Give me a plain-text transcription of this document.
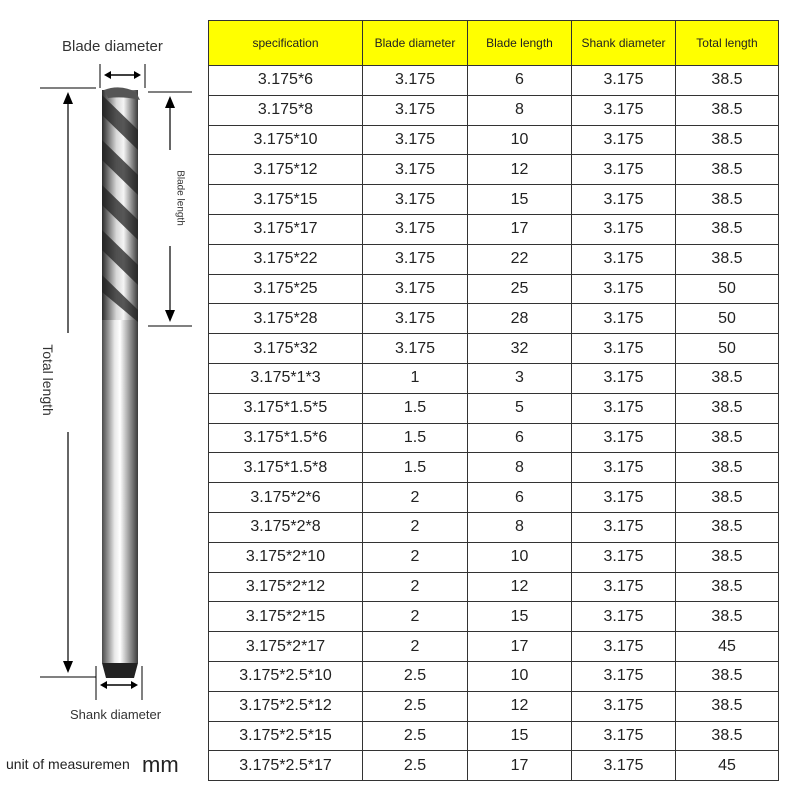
Blade diameter
Blade length
Total length
Shank diameter
unit of measuremen mm
specification	Blade diameter	Blade length	Shank diameter	Total length
3.175*6	3.175	6	3.175	38.5
3.175*8	3.175	8	3.175	38.5
3.175*10	3.175	10	3.175	38.5
3.175*12	3.175	12	3.175	38.5
3.175*15	3.175	15	3.175	38.5
3.175*17	3.175	17	3.175	38.5
3.175*22	3.175	22	3.175	38.5
3.175*25	3.175	25	3.175	50
3.175*28	3.175	28	3.175	50
3.175*32	3.175	32	3.175	50
3.175*1*3	1	3	3.175	38.5
3.175*1.5*5	1.5	5	3.175	38.5
3.175*1.5*6	1.5	6	3.175	38.5
3.175*1.5*8	1.5	8	3.175	38.5
3.175*2*6	2	6	3.175	38.5
3.175*2*8	2	8	3.175	38.5
3.175*2*10	2	10	3.175	38.5
3.175*2*12	2	12	3.175	38.5
3.175*2*15	2	15	3.175	38.5
3.175*2*17	2	17	3.175	45
3.175*2.5*10	2.5	10	3.175	38.5
3.175*2.5*12	2.5	12	3.175	38.5
3.175*2.5*15	2.5	15	3.175	38.5
3.175*2.5*17	2.5	17	3.175	45
